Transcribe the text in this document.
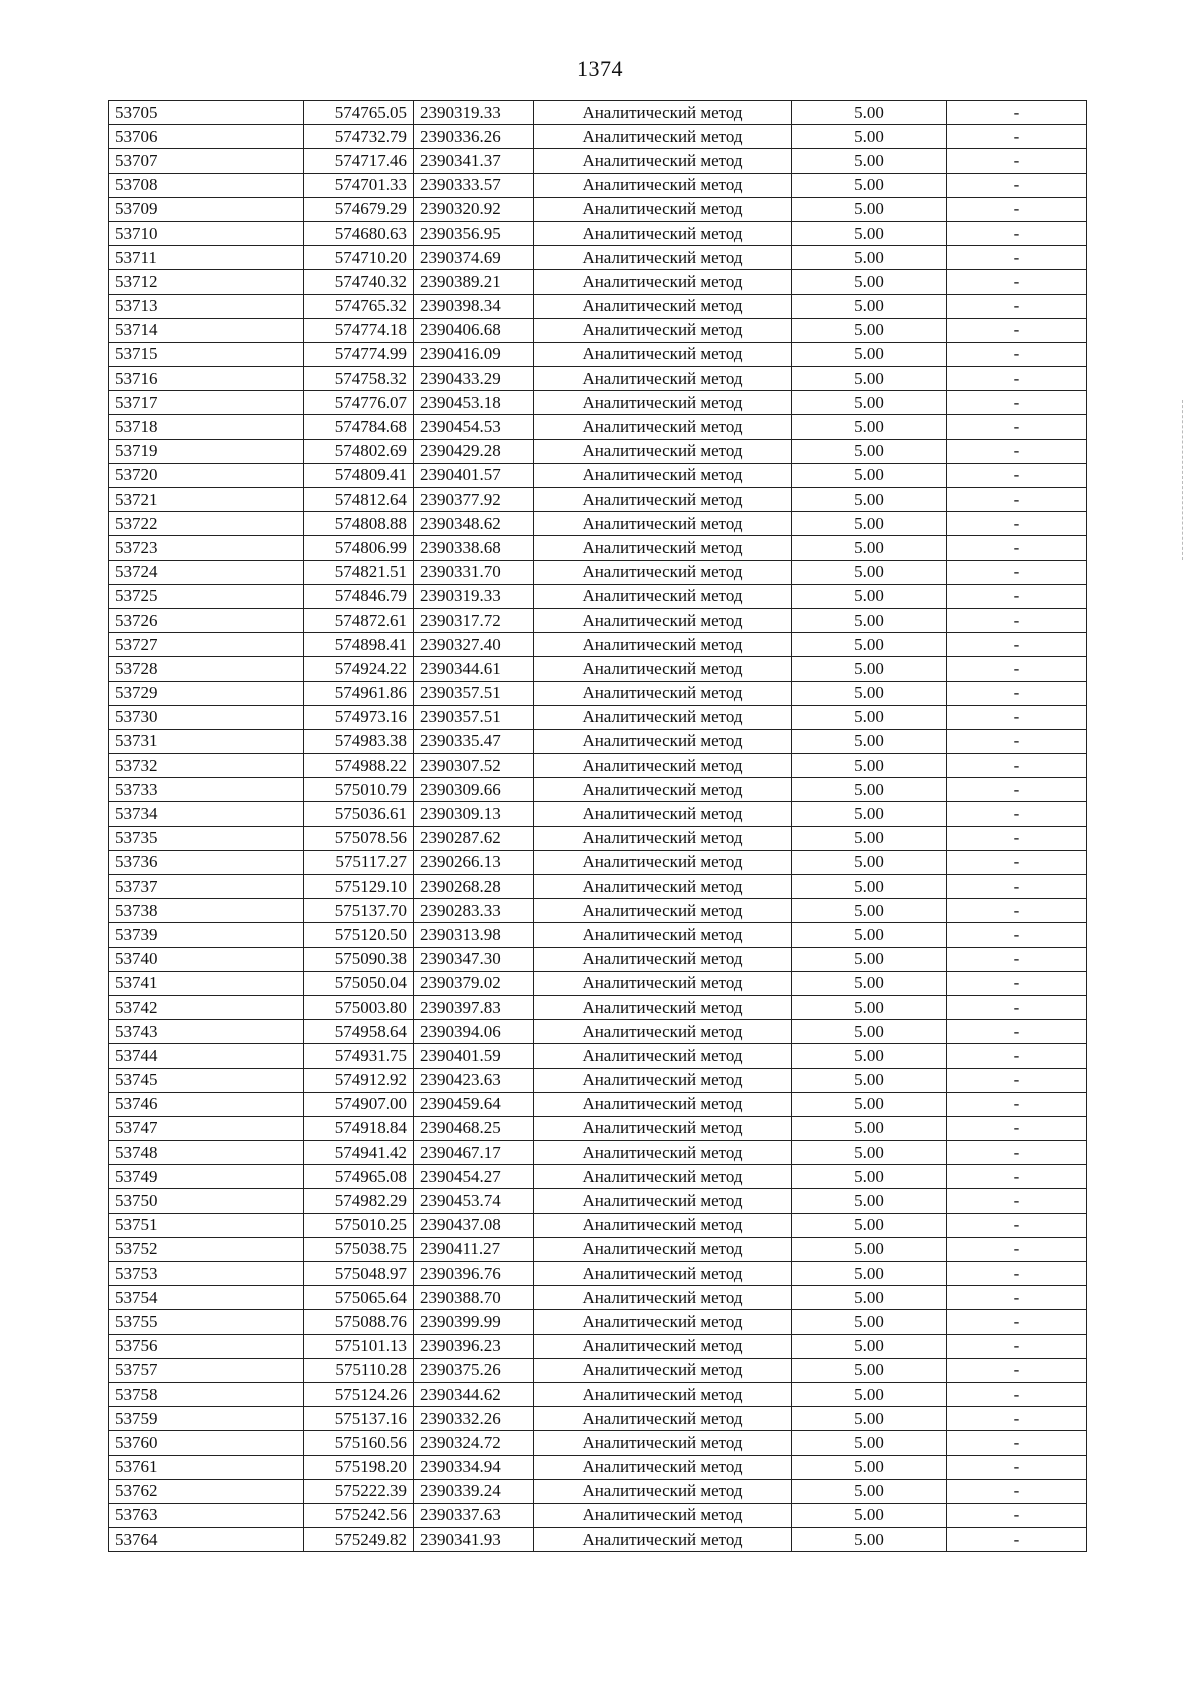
1374
53705	574765.05	2390319.33	Аналитический метод	5.00	-
53706	574732.79	2390336.26	Аналитический метод	5.00	-
53707	574717.46	2390341.37	Аналитический метод	5.00	-
53708	574701.33	2390333.57	Аналитический метод	5.00	-
53709	574679.29	2390320.92	Аналитический метод	5.00	-
53710	574680.63	2390356.95	Аналитический метод	5.00	-
53711	574710.20	2390374.69	Аналитический метод	5.00	-
53712	574740.32	2390389.21	Аналитический метод	5.00	-
53713	574765.32	2390398.34	Аналитический метод	5.00	-
53714	574774.18	2390406.68	Аналитический метод	5.00	-
53715	574774.99	2390416.09	Аналитический метод	5.00	-
53716	574758.32	2390433.29	Аналитический метод	5.00	-
53717	574776.07	2390453.18	Аналитический метод	5.00	-
53718	574784.68	2390454.53	Аналитический метод	5.00	-
53719	574802.69	2390429.28	Аналитический метод	5.00	-
53720	574809.41	2390401.57	Аналитический метод	5.00	-
53721	574812.64	2390377.92	Аналитический метод	5.00	-
53722	574808.88	2390348.62	Аналитический метод	5.00	-
53723	574806.99	2390338.68	Аналитический метод	5.00	-
53724	574821.51	2390331.70	Аналитический метод	5.00	-
53725	574846.79	2390319.33	Аналитический метод	5.00	-
53726	574872.61	2390317.72	Аналитический метод	5.00	-
53727	574898.41	2390327.40	Аналитический метод	5.00	-
53728	574924.22	2390344.61	Аналитический метод	5.00	-
53729	574961.86	2390357.51	Аналитический метод	5.00	-
53730	574973.16	2390357.51	Аналитический метод	5.00	-
53731	574983.38	2390335.47	Аналитический метод	5.00	-
53732	574988.22	2390307.52	Аналитический метод	5.00	-
53733	575010.79	2390309.66	Аналитический метод	5.00	-
53734	575036.61	2390309.13	Аналитический метод	5.00	-
53735	575078.56	2390287.62	Аналитический метод	5.00	-
53736	575117.27	2390266.13	Аналитический метод	5.00	-
53737	575129.10	2390268.28	Аналитический метод	5.00	-
53738	575137.70	2390283.33	Аналитический метод	5.00	-
53739	575120.50	2390313.98	Аналитический метод	5.00	-
53740	575090.38	2390347.30	Аналитический метод	5.00	-
53741	575050.04	2390379.02	Аналитический метод	5.00	-
53742	575003.80	2390397.83	Аналитический метод	5.00	-
53743	574958.64	2390394.06	Аналитический метод	5.00	-
53744	574931.75	2390401.59	Аналитический метод	5.00	-
53745	574912.92	2390423.63	Аналитический метод	5.00	-
53746	574907.00	2390459.64	Аналитический метод	5.00	-
53747	574918.84	2390468.25	Аналитический метод	5.00	-
53748	574941.42	2390467.17	Аналитический метод	5.00	-
53749	574965.08	2390454.27	Аналитический метод	5.00	-
53750	574982.29	2390453.74	Аналитический метод	5.00	-
53751	575010.25	2390437.08	Аналитический метод	5.00	-
53752	575038.75	2390411.27	Аналитический метод	5.00	-
53753	575048.97	2390396.76	Аналитический метод	5.00	-
53754	575065.64	2390388.70	Аналитический метод	5.00	-
53755	575088.76	2390399.99	Аналитический метод	5.00	-
53756	575101.13	2390396.23	Аналитический метод	5.00	-
53757	575110.28	2390375.26	Аналитический метод	5.00	-
53758	575124.26	2390344.62	Аналитический метод	5.00	-
53759	575137.16	2390332.26	Аналитический метод	5.00	-
53760	575160.56	2390324.72	Аналитический метод	5.00	-
53761	575198.20	2390334.94	Аналитический метод	5.00	-
53762	575222.39	2390339.24	Аналитический метод	5.00	-
53763	575242.56	2390337.63	Аналитический метод	5.00	-
53764	575249.82	2390341.93	Аналитический метод	5.00	-
